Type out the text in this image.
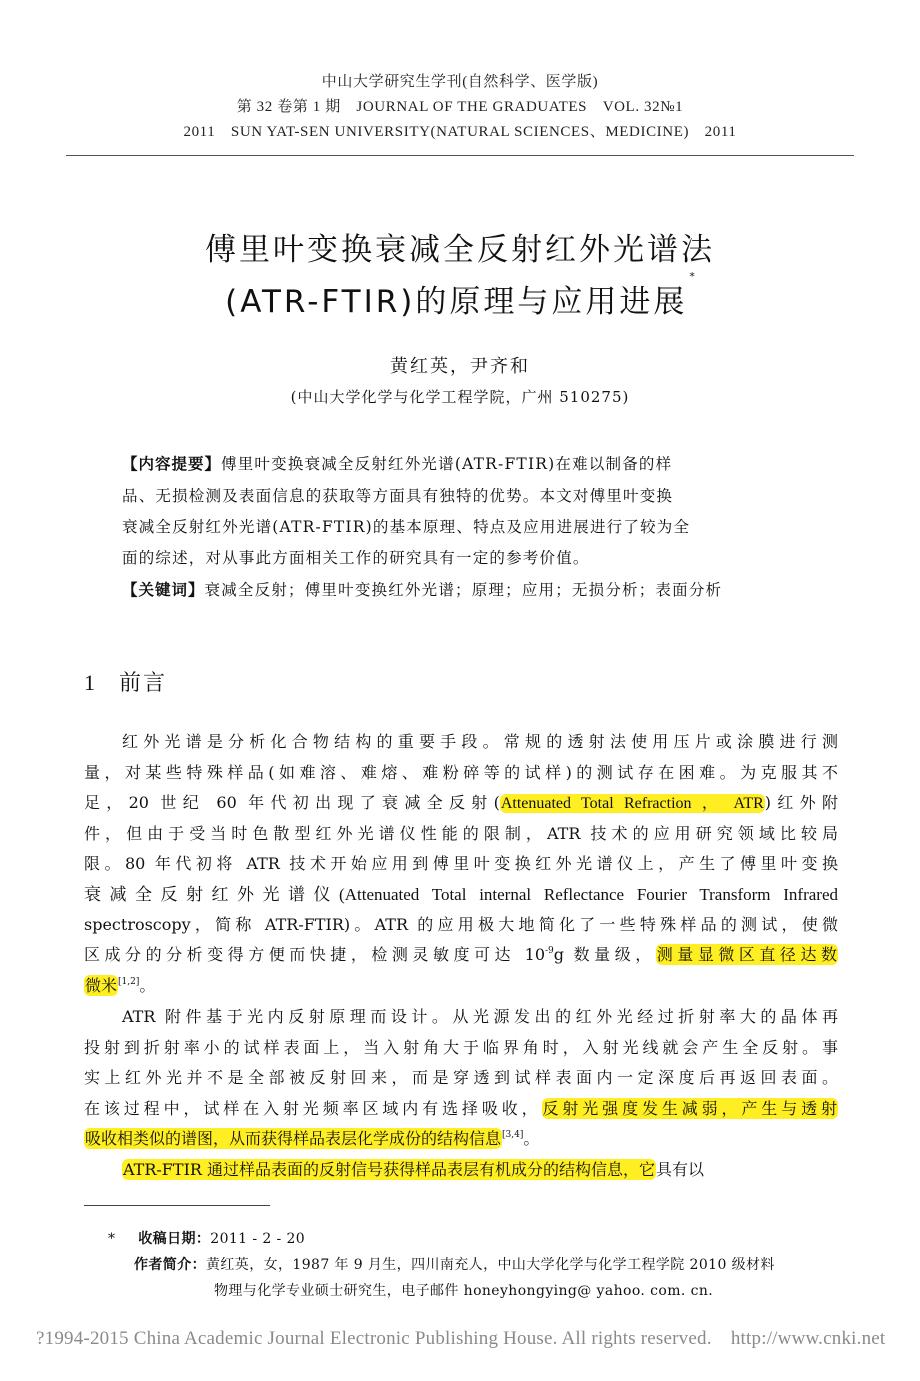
中山大学研究生学刊(自然科学、医学版)
第 32 卷第 1 期　JOURNAL OF THE GRADUATES　VOL. 32№1
2011　SUN YAT-SEN UNIVERSITY(NATURAL SCIENCES、MEDICINE)　2011
傅里叶变换衰减全反射红外光谱法
(ATR-FTIR)的原理与应用进展*
黄红英，尹齐和
(中山大学化学与化学工程学院，广州 510275)
【内容提要】傅里叶变换衰减全反射红外光谱(ATR-FTIR)在难以制备的样
品、无损检测及表面信息的获取等方面具有独特的优势。本文对傅里叶变换
衰减全反射红外光谱(ATR-FTIR)的基本原理、特点及应用进展进行了较为全
面的综述，对从事此方面相关工作的研究具有一定的参考价值。
【关键词】衰减全反射；傅里叶变换红外光谱；原理；应用；无损分析；表面分析
1 前言
红外光谱是分析化合物结构的重要手段。常规的透射法使用压片或涂膜进行测
量，对某些特殊样品(如难溶、难熔、难粉碎等的试样)的测试存在困难。为克服其不
足，20 世纪 60 年代初出现了衰减全反射(Attenuated Total Refraction ， ATR)红外附
件，但由于受当时色散型红外光谱仪性能的限制，ATR 技术的应用研究领域比较局
限。80 年代初将 ATR 技术开始应用到傅里叶变换红外光谱仪上，产生了傅里叶变换
衰减全反射红外光谱仪(Attenuated Total internal Reflectance Fourier Transform Infrared
spectroscopy，简称 ATR-FTIR)。ATR 的应用极大地简化了一些特殊样品的测试，使微
区成分的分析变得方便而快捷，检测灵敏度可达 $10^{-9}g$ 数量级，测量显微区直径达数
微米[1,2]。
ATR 附件基于光内反射原理而设计。从光源发出的红外光经过折射率大的晶体再
投射到折射率小的试样表面上，当入射角大于临界角时，入射光线就会产生全反射。事
实上红外光并不是全部被反射回来，而是穿透到试样表面内一定深度后再返回表面。
在该过程中，试样在入射光频率区域内有选择吸收，反射光强度发生减弱，产生与透射
吸收相类似的谱图，从而获得样品表层化学成份的结构信息[3,4]。
ATR-FTIR 通过样品表面的反射信号获得样品表层有机成分的结构信息，它具有以
* 收稿日期：2011 - 2 - 20
作者简介：黄红英，女，1987 年 9 月生，四川南充人，中山大学化学与化学工程学院 2010 级材料
物理与化学专业硕士研究生，电子邮件 honeyhongying@ yahoo. com. cn.
?1994-2015 China Academic Journal Electronic Publishing House. All rights reserved.　http://www.cnki.net
